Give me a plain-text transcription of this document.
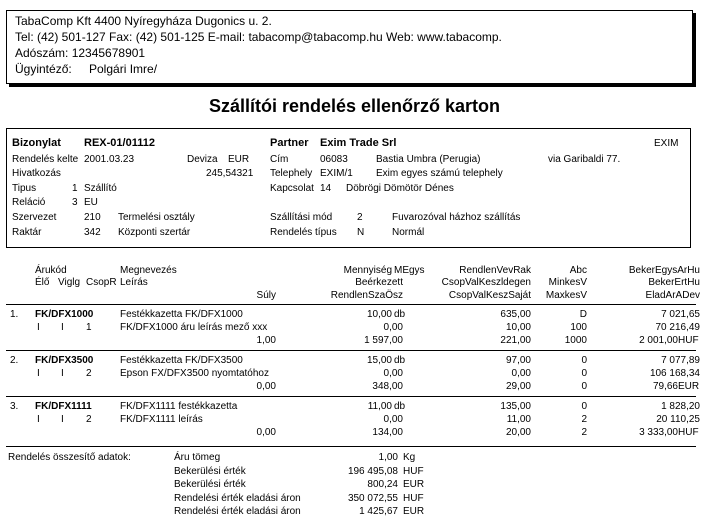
TabaComp Kft 4400 Nyíregyháza Dugonics u. 2.
Tel: (42) 501-127 Fax: (42) 501-125 E-mail: tabacomp@tabacomp.hu Web: www.tabacomp.
Adószám: 12345678901
Ügyintéző: Polgári Imre/
Szállítói rendelés ellenőrző karton
Bizonylat REX-01/01112	Partner Exim Trade Srl	EXIM
Rendelés kelte 2001.03.23	Deviza EUR Cím	06083	Bastia Umbra (Perugia)	via Garibaldi 77.
Hivatkozás	245,54321 Telephely EXIM/1 Exim egyes számú telephely
Tipus	1 Szállító	Kapcsolat 14 Döbrögi Dömötör Dénes
Reláció	3 EU
Szervezet	210 Termelési osztály	Szállítási mód 2	Fuvarozóval házhoz szállítás
Raktár	342 Központi szertár	Rendelés típus N	Normál
Árukód	Megnevezés	Mennyiség MEgys	RendlenVevRak	Abc	BekerEgysArHu
Élő Viglg CsopR Leírás	Beérkezett	CsopValKeszldegen	MinkesV	BekerErtHu
Súly	RendlenSzaÖsz	CsopValKeszSaját	MaxkesV	EladArADev
1.	FK/DFX1000	Festékkazetta FK/DFX1000	10,00 db	635,00	D	7 021,65
I	I	1	FK/DFX1000 áru leírás mező xxx	0,00	10,00	100	70 216,49
1,00	1 597,00	221,00	1000	2 001,00 HUF
2.	FK/DFX3500	Festékkazetta FK/DFX3500	15,00 db	97,00	0	7 077,89
I	I	2	Epson FX/DFX3500 nyomtatóhoz	0,00	0,00	0	106 168,34
0,00	348,00	29,00	0	79,66 EUR
3.	FK/DFX1111	FK/DFX1111 festékkazetta	11,00 db	135,00	0	1 828,20
I	I	2	FK/DFX1111 leírás	0,00	11,00	2	20 110,25
0,00	134,00	20,00	2	3 333,00 HUF
Rendelés összesítő adatok:	Áru tömeg	1,00 Kg
Bekerülési érték	196 495,08 HUF
Bekerülési érték	800,24 EUR
Rendelési érték eladási áron	350 072,55 HUF
Rendelési érték eladási áron	1 425,67 EUR
